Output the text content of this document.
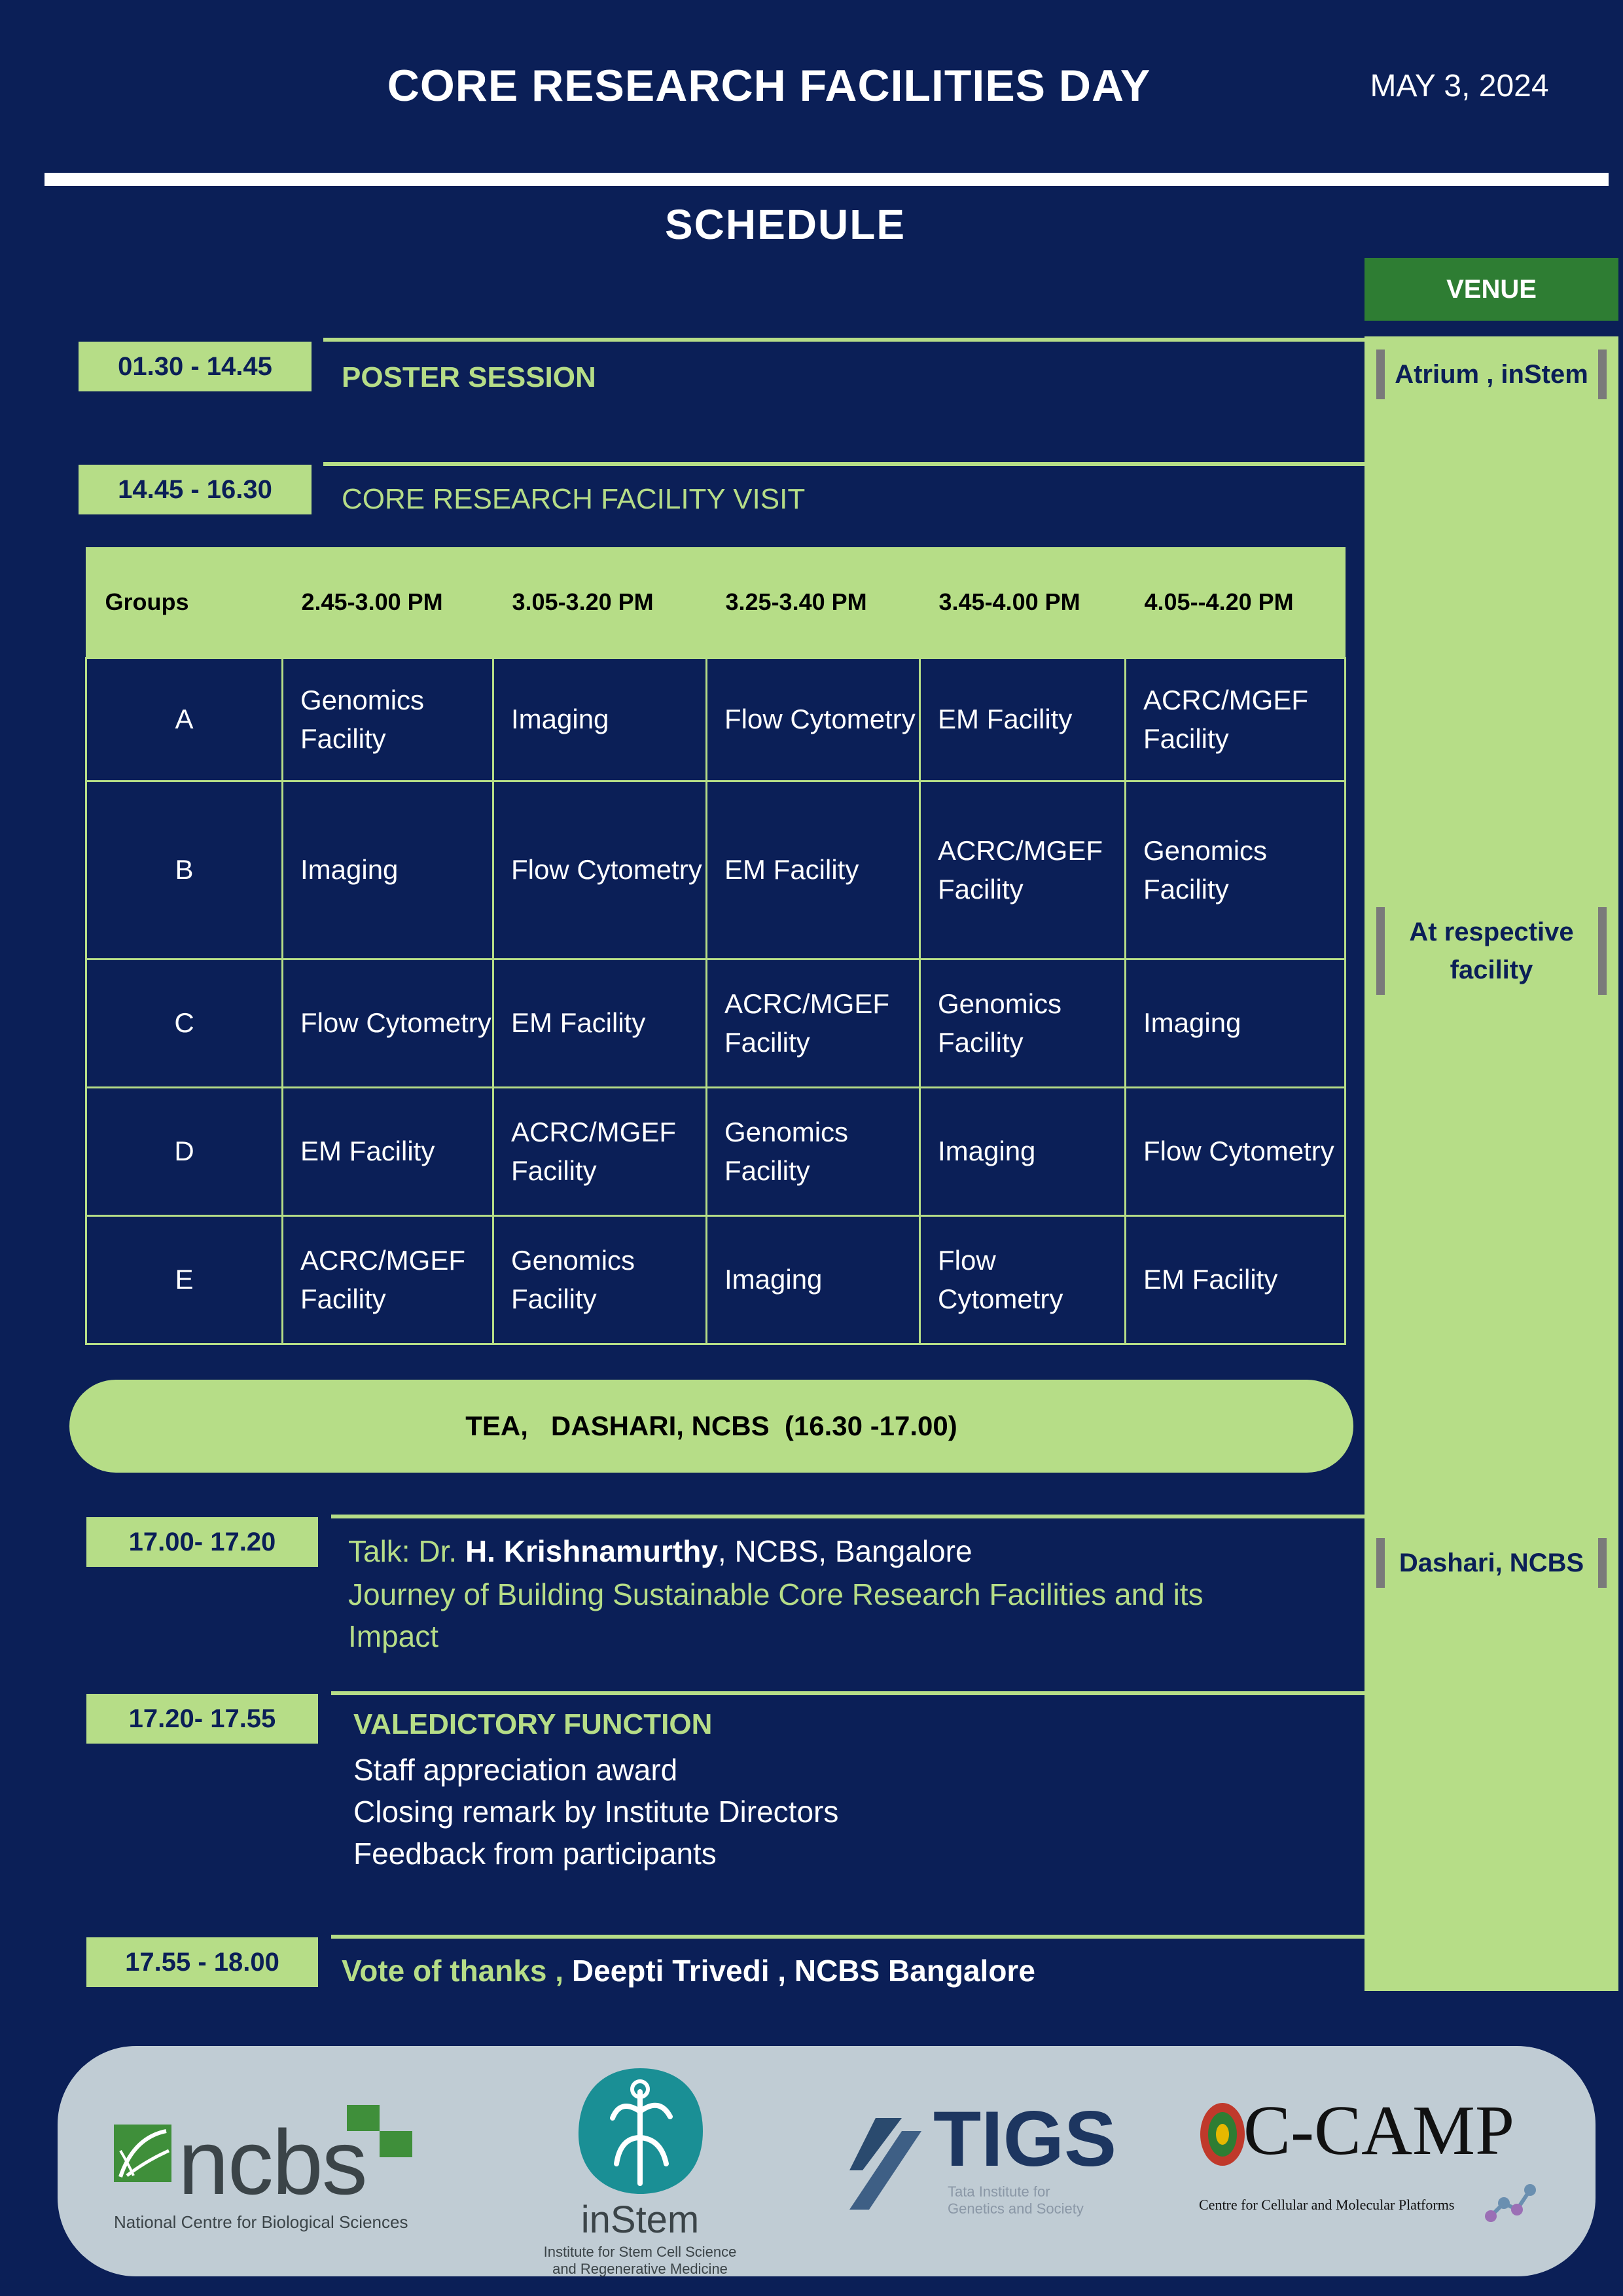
CORE RESEARCH FACILITIES DAY	MAY 3, 2024
SCHEDULE
VENUE
Atrium , inStem
At respective
facility
Dashari, NCBS
01.30 - 14.45	POSTER SESSION
14.45 - 16.30	CORE RESEARCH FACILITY VISIT
Groups	2.45-3.00 PM	3.05-3.20 PM	3.25-3.40 PM	3.45-4.00 PM	4.05--4.20 PM
A	Genomics Facility	Imaging	Flow Cytometry	EM Facility	ACRC/MGEF Facility
B	Imaging	Flow Cytometry	EM Facility	ACRC/MGEF Facility	Genomics Facility
C	Flow Cytometry	EM Facility	ACRC/MGEF Facility	Genomics Facility	Imaging
D	EM Facility	ACRC/MGEF Facility	Genomics Facility	Imaging	Flow Cytometry
E	ACRC/MGEF Facility	Genomics Facility	Imaging	Flow Cytometry	EM Facility
TEA,   DASHARI, NCBS  (16.30 -17.00)
17.00- 17.20	Talk: Dr. H. Krishnamurthy, NCBS, Bangalore
Journey of Building Sustainable Core Research Facilities and its
Impact
17.20- 17.55	VALEDICTORY FUNCTION
Staff appreciation award
Closing remark by Institute Directors
Feedback from participants
17.55 - 18.00	Vote of thanks , Deepti Trivedi , NCBS Bangalore
ncbs
National Centre for Biological Sciences	inStem
Institute for Stem Cell Science
and Regenerative Medicine
TIGS
Tata Institute for
Genetics and Society
C-CAMP
Centre for Cellular and Molecular Platforms
